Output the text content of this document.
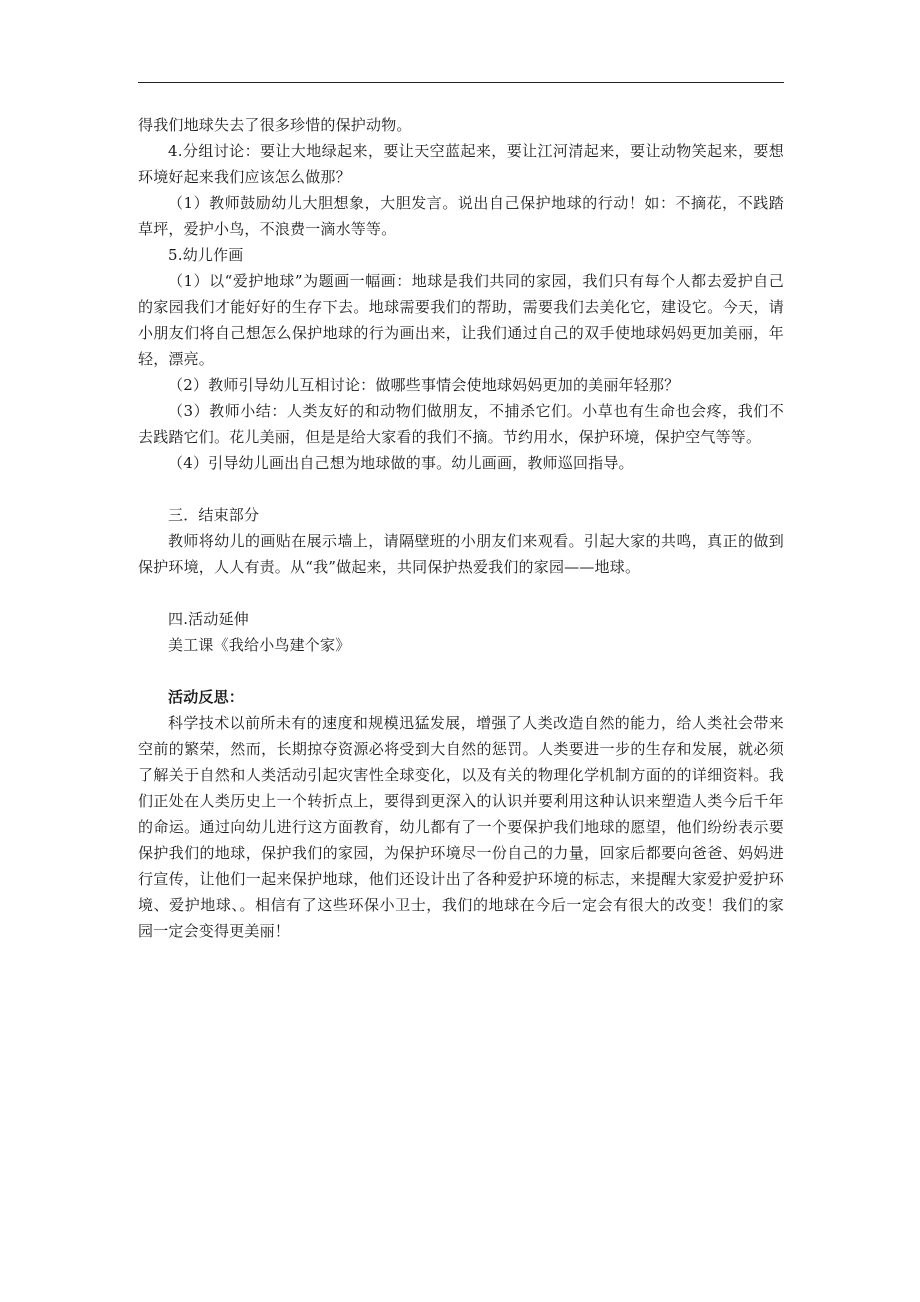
得我们地球失去了很多珍惜的保护动物。

4.分组讨论：要让大地绿起来，要让天空蓝起来，要让江河清起来，要让动物笑起来，要想环境好起来我们应该怎么做那？

（1）教师鼓励幼儿大胆想象，大胆发言。说出自己保护地球的行动！如：不摘花，不践踏草坪，爱护小鸟，不浪费一滴水等等。

5.幼儿作画

（1）以“爱护地球”为题画一幅画：地球是我们共同的家园，我们只有每个人都去爱护自己的家园我们才能好好的生存下去。地球需要我们的帮助，需要我们去美化它，建设它。今天，请小朋友们将自己想怎么保护地球的行为画出来，让我们通过自己的双手使地球妈妈更加美丽，年轻，漂亮。

（2）教师引导幼儿互相讨论：做哪些事情会使地球妈妈更加的美丽年轻那？

（3）教师小结：人类友好的和动物们做朋友，不捕杀它们。小草也有生命也会疼，我们不去践踏它们。花儿美丽，但是是给大家看的我们不摘。节约用水，保护环境，保护空气等等。

（4）引导幼儿画出自己想为地球做的事。幼儿画画，教师巡回指导。

三．结束部分

教师将幼儿的画贴在展示墙上，请隔壁班的小朋友们来观看。引起大家的共鸣，真正的做到保护环境，人人有责。从“我”做起来，共同保护热爱我们的家园——地球。

四.活动延伸

美工课《我给小鸟建个家》

活动反思：

科学技术以前所未有的速度和规模迅猛发展，增强了人类改造自然的能力，给人类社会带来空前的繁荣，然而，长期掠夺资源必将受到大自然的惩罚。人类要进一步的生存和发展，就必须了解关于自然和人类活动引起灾害性全球变化，以及有关的物理化学机制方面的的详细资料。我们正处在人类历史上一个转折点上，要得到更深入的认识并要利用这种认识来塑造人类今后千年的命运。通过向幼儿进行这方面教育，幼儿都有了一个要保护我们地球的愿望，他们纷纷表示要保护我们的地球，保护我们的家园，为保护环境尽一份自己的力量，回家后都要向爸爸、妈妈进行宣传，让他们一起来保护地球，他们还设计出了各种爱护环境的标志，来提醒大家爱护爱护环境、爱护地球、。相信有了这些环保小卫士，我们的地球在今后一定会有很大的改变！我们的家园一定会变得更美丽！
